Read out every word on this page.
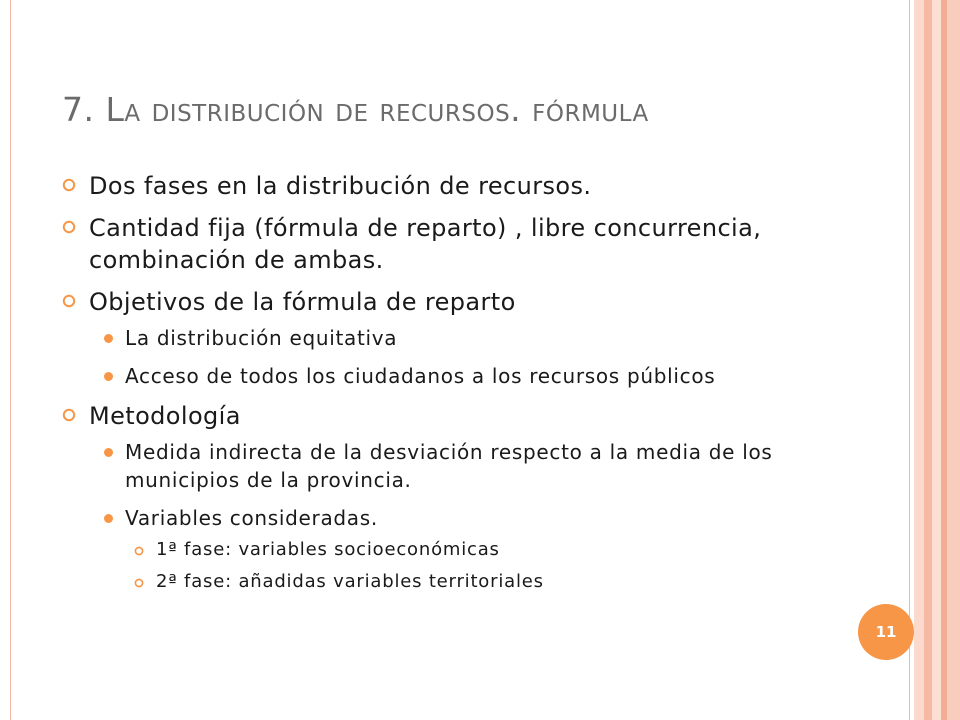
7. La distribución de recursos. fórmula
Dos fases en la distribución de recursos.
Cantidad fija (fórmula de reparto) , libre concurrencia, combinación de ambas.
Objetivos de la fórmula de reparto
La distribución equitativa
Acceso de todos los ciudadanos a los recursos públicos
Metodología
Medida indirecta de la desviación respecto a la media de los municipios de la provincia.
Variables consideradas.
1ª fase: variables socioeconómicas
2ª fase: añadidas variables territoriales
11
